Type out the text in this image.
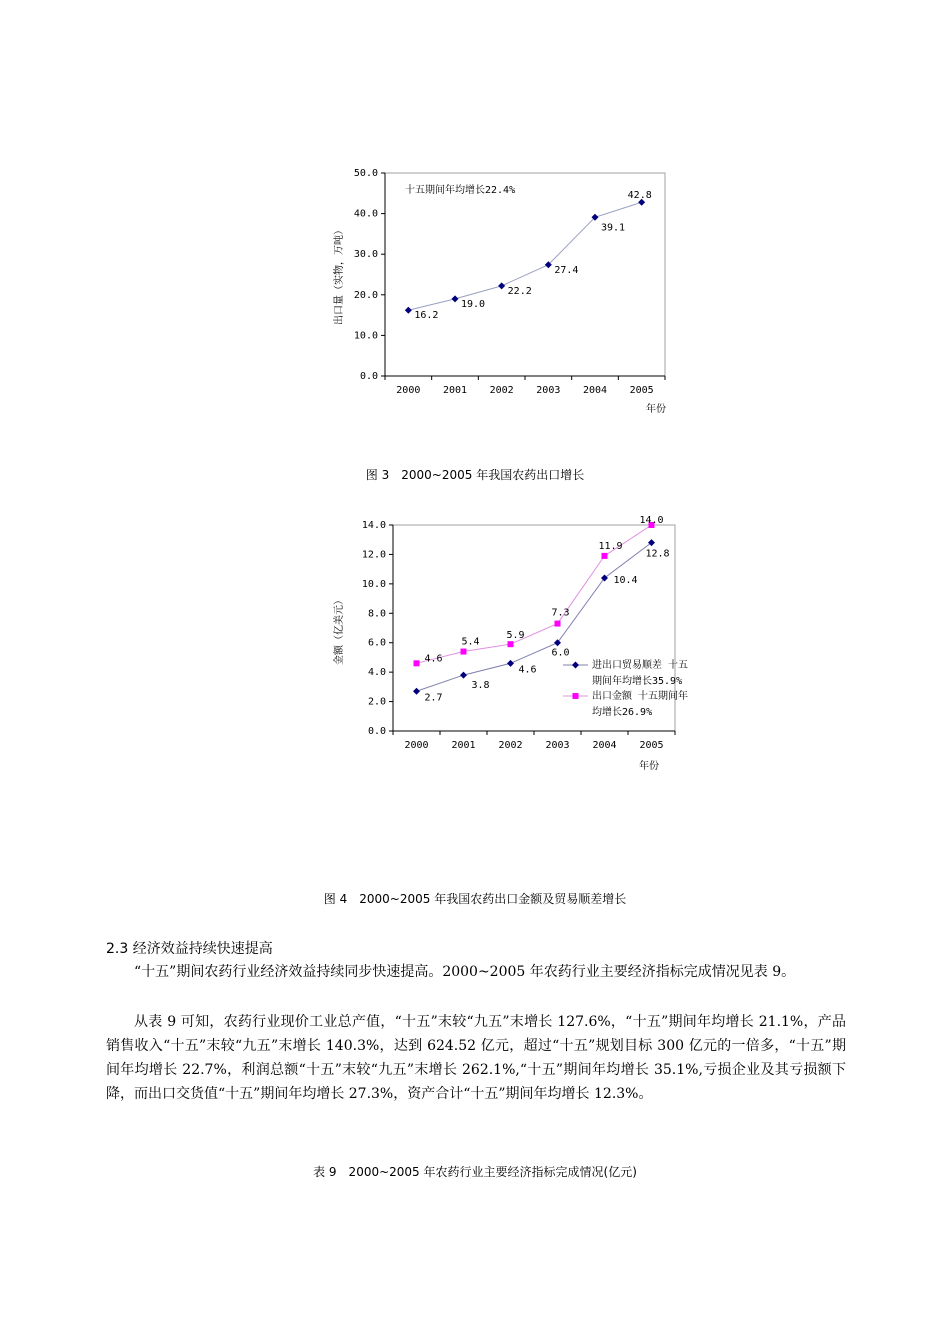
出口量（实物，万吨）
十五期间年均增长22.4%
年份
0.0
10.0
20.0
30.0
40.0
50.0
2000 2001 2002 2003 2004 2005
16.2
19.0
22.2
27.4
39.1
42.8
图 3　2000~2005 年我国农药出口增长
金额（亿美元）
年份
0.0
2.0
4.0
6.0
8.0
10.0
12.0
14.0
2000 2001 2002 2003 2004 2005
2.7
3.8
4.6
6.0
10.4
12.8
4.6
5.4
5.9
7.3
11.9
14.0
进出口贸易顺差 十五
期间年均增长35.9%
出口金额 十五期间年
均增长26.9%
图 4　2000~2005 年我国农药出口金额及贸易顺差增长
2.3 经济效益持续快速提高
“十五”期间农药行业经济效益持续同步快速提高。2000~2005 年农药行业主要经济指标完成情况见表 9。
从表 9 可知，农药行业现价工业总产值，“十五”末较“九五”末增长 127.6%，“十五”期间年均增长 21.1%，产品销售收入“十五”末较“九五”末增长 140.3%，达到 624.52 亿元，超过“十五”规划目标 300 亿元的一倍多，“十五”期间年均增长 22.7%，利润总额“十五”末较“九五”末增长 262.1%,“十五”期间年均增长 35.1%,亏损企业及其亏损额下降，而出口交货值“十五”期间年均增长 27.3%，资产合计“十五”期间年均增长 12.3%。
表 9　2000~2005 年农药行业主要经济指标完成情况(亿元)
